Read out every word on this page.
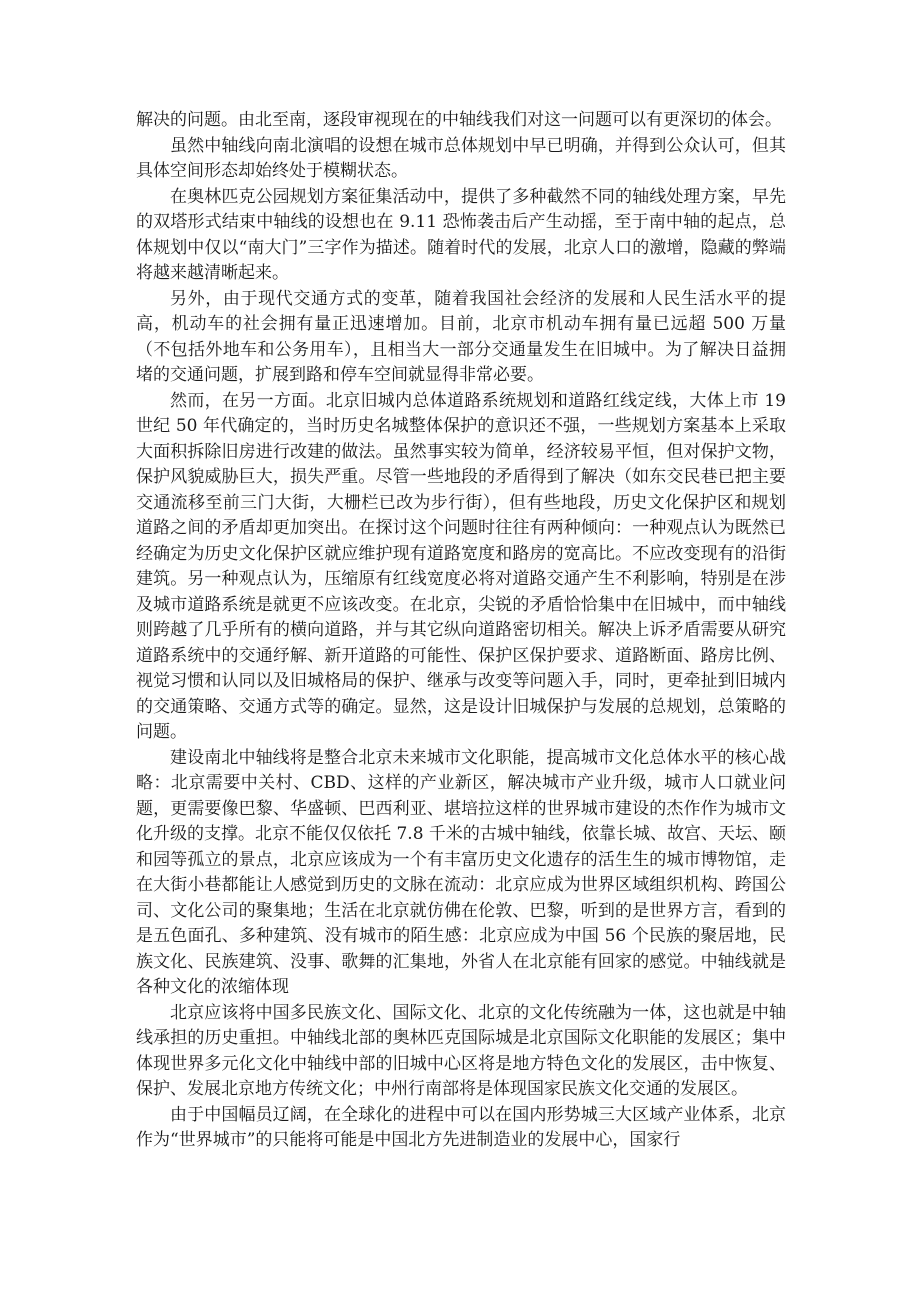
解决的问题。由北至南，逐段审视现在的中轴线我们对这一问题可以有更深切的体会。

虽然中轴线向南北演唱的设想在城市总体规划中早已明确，并得到公众认可，但其具体空间形态却始终处于模糊状态。

在奥林匹克公园规划方案征集活动中，提供了多种截然不同的轴线处理方案，早先的双塔形式结束中轴线的设想也在 9.11 恐怖袭击后产生动摇，至于南中轴的起点，总体规划中仅以“南大门”三字作为描述。随着时代的发展，北京人口的激增，隐藏的弊端将越来越清晰起来。

另外，由于现代交通方式的变革，随着我国社会经济的发展和人民生活水平的提高，机动车的社会拥有量正迅速增加。目前，北京市机动车拥有量已远超 500 万量（不包括外地车和公务用车），且相当大一部分交通量发生在旧城中。为了解决日益拥堵的交通问题，扩展到路和停车空间就显得非常必要。

然而，在另一方面。北京旧城内总体道路系统规划和道路红线定线，大体上市 19 世纪 50 年代确定的，当时历史名城整体保护的意识还不强，一些规划方案基本上采取大面积拆除旧房进行改建的做法。虽然事实较为简单，经济较易平恒，但对保护文物，保护风貌威胁巨大，损失严重。尽管一些地段的矛盾得到了解决（如东交民巷已把主要交通流移至前三门大街，大栅栏已改为步行街），但有些地段，历史文化保护区和规划道路之间的矛盾却更加突出。在探讨这个问题时往往有两种倾向：一种观点认为既然已经确定为历史文化保护区就应维护现有道路宽度和路房的宽高比。不应改变现有的沿街建筑。另一种观点认为，压缩原有红线宽度必将对道路交通产生不利影响，特别是在涉及城市道路系统是就更不应该改变。在北京，尖锐的矛盾恰恰集中在旧城中，而中轴线则跨越了几乎所有的横向道路，并与其它纵向道路密切相关。解决上诉矛盾需要从研究道路系统中的交通纾解、新开道路的可能性、保护区保护要求、道路断面、路房比例、视觉习惯和认同以及旧城格局的保护、继承与改变等问题入手，同时，更牵扯到旧城内的交通策略、交通方式等的确定。显然，这是设计旧城保护与发展的总规划，总策略的问题。

建设南北中轴线将是整合北京未来城市文化职能，提高城市文化总体水平的核心战略：北京需要中关村、CBD、这样的产业新区，解决城市产业升级，城市人口就业问题，更需要像巴黎、华盛顿、巴西利亚、堪培拉这样的世界城市建设的杰作作为城市文化升级的支撑。北京不能仅仅依托 7.8 千米的古城中轴线，依靠长城、故宫、天坛、颐和园等孤立的景点，北京应该成为一个有丰富历史文化遗存的活生生的城市博物馆，走在大街小巷都能让人感觉到历史的文脉在流动：北京应成为世界区域组织机构、跨国公司、文化公司的聚集地；生活在北京就仿佛在伦敦、巴黎，听到的是世界方言，看到的是五色面孔、多种建筑、没有城市的陌生感：北京应成为中国 56 个民族的聚居地，民族文化、民族建筑、没事、歌舞的汇集地，外省人在北京能有回家的感觉。中轴线就是各种文化的浓缩体现

北京应该将中国多民族文化、国际文化、北京的文化传统融为一体，这也就是中轴线承担的历史重担。中轴线北部的奥林匹克国际城是北京国际文化职能的发展区；集中体现世界多元化文化中轴线中部的旧城中心区将是地方特色文化的发展区，击中恢复、保护、发展北京地方传统文化；中州行南部将是体现国家民族文化交通的发展区。

由于中国幅员辽阔，在全球化的进程中可以在国内形势城三大区域产业体系，北京作为“世界城市”的只能将可能是中国北方先进制造业的发展中心，国家行
